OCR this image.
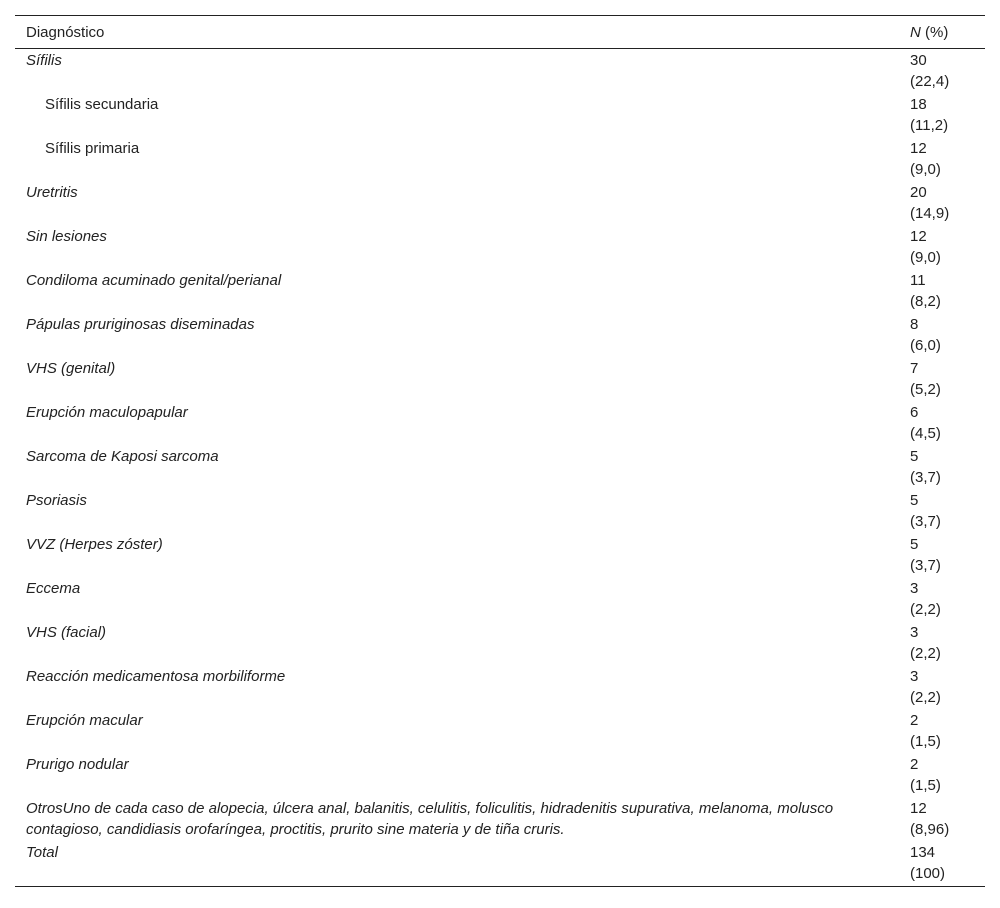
Diagnóstico	N (%)
Sífilis	30
(22,4)
Sífilis secundaria	18
(11,2)
Sífilis primaria	12
(9,0)
Uretritis	20
(14,9)
Sin lesiones	12
(9,0)
Condiloma acuminado genital/perianal	11
(8,2)
Pápulas pruriginosas diseminadas	8
(6,0)
VHS (genital)	7
(5,2)
Erupción maculopapular	6
(4,5)
Sarcoma de Kaposi sarcoma	5
(3,7)
Psoriasis	5
(3,7)
VVZ (Herpes zóster)	5
(3,7)
Eccema	3
(2,2)
VHS (facial)	3
(2,2)
Reacción medicamentosa morbiliforme	3
(2,2)
Erupción macular	2
(1,5)
Prurigo nodular	2
(1,5)
OtrosUno de cada caso de alopecia, úlcera anal, balanitis, celulitis, foliculitis, hidradenitis supurativa, melanoma, molusco contagioso, candidiasis orofaríngea, proctitis, prurito sine materia y de tiña cruris.
12
(8,96)
Total	134
(100)
